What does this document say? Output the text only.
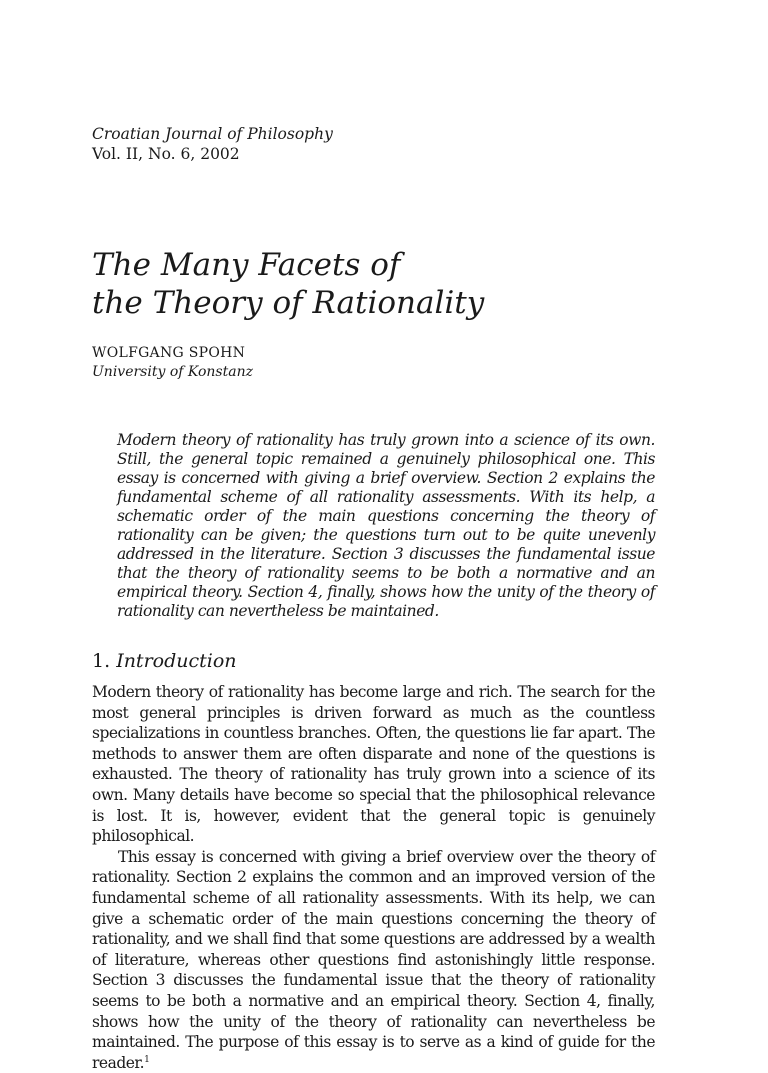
Croatian Journal of Philosophy
Vol. II, No. 6, 2002
The Many Facets of
the Theory of Rationality
WOLFGANG SPOHN
University of Konstanz

Modern theory of rationality has truly grown into a science of its own. Still, the general topic remained a genuinely philosophical one. This essay is concerned with giving a brief overview. Section 2 explains the fundamental scheme of all rationality assessments. With its help, a schematic order of the main questions concerning the theory of rationality can be given; the questions turn out to be quite unevenly addressed in the literature. Section 3 discusses the fundamental issue that the theory of rationality seems to be both a normative and an empirical theory. Section 4, finally, shows how the unity of the theory of rationality can nevertheless be maintained.

1. Introduction

Modern theory of rationality has become large and rich. The search for the most general principles is driven forward as much as the countless specializations in countless branches. Often, the questions lie far apart. The methods to answer them are often disparate and none of the questions is exhausted. The theory of rationality has truly grown into a science of its own. Many details have become so special that the philosophical relevance is lost. It is, however, evident that the general topic is genuinely philosophical.

This essay is concerned with giving a brief overview over the theory of rationality. Section 2 explains the common and an improved version of the fundamental scheme of all rationality assessments. With its help, we can give a schematic order of the main questions concerning the theory of rationality, and we shall find that some questions are addressed by a wealth of literature, whereas other questions find astonishingly little response. Section 3 discusses the fundamental issue that the theory of rationality seems to be both a normative and an empirical theory. Section 4, finally, shows how the unity of the theory of rationality can nevertheless be maintained. The purpose of this essay is to serve as a kind of guide for the reader.$^1$
